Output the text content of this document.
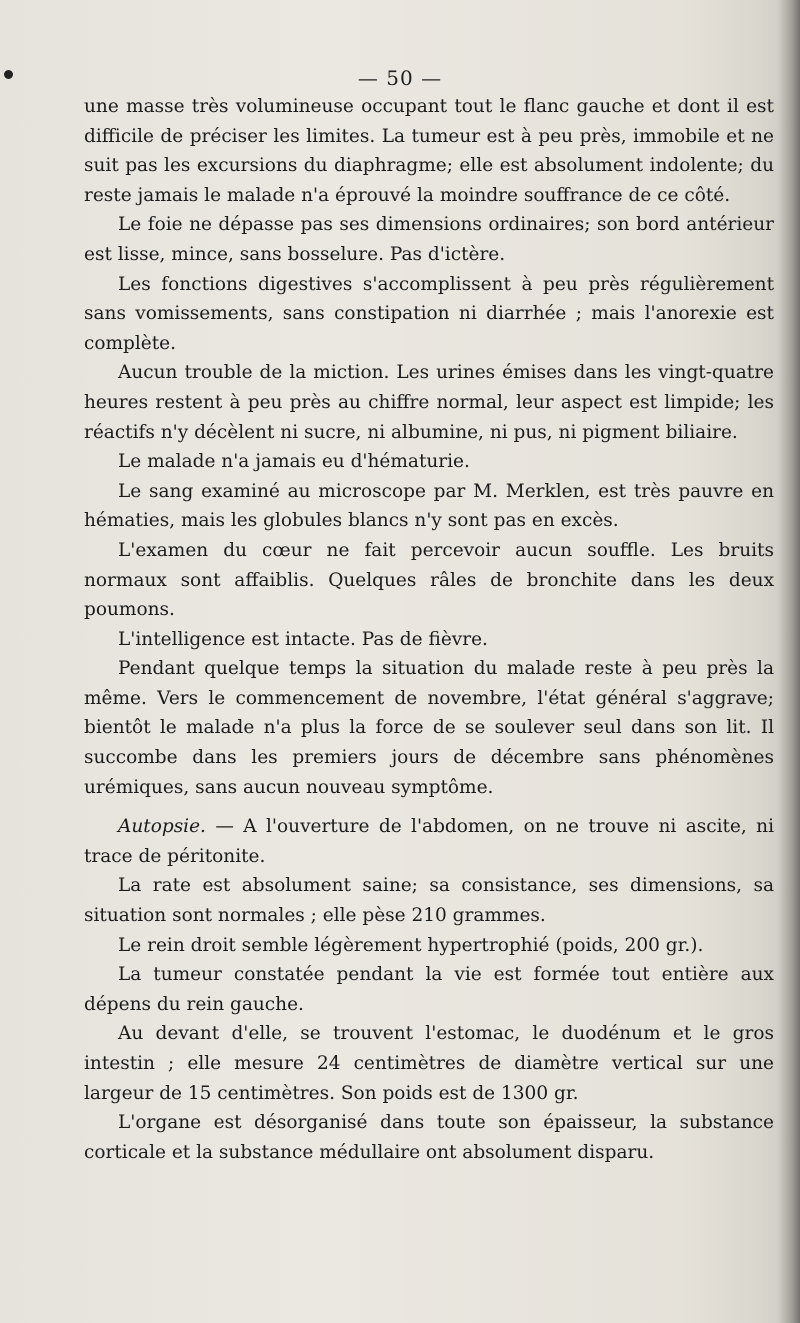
— 50 —

une masse très volumineuse occupant tout le flanc gauche et dont il est difficile de préciser les limites. La tumeur est à peu près, immobile et ne suit pas les excursions du diaphragme; elle est absolument indolente; du reste jamais le malade n'a éprouvé la moindre souffrance de ce côté.

Le foie ne dépasse pas ses dimensions ordinaires; son bord antérieur est lisse, mince, sans bosselure. Pas d'ictère.

Les fonctions digestives s'accomplissent à peu près régulièrement sans vomissements, sans constipation ni diarrhée ; mais l'anorexie est complète.

Aucun trouble de la miction. Les urines émises dans les vingt-quatre heures restent à peu près au chiffre normal, leur aspect est limpide; les réactifs n'y décèlent ni sucre, ni albumine, ni pus, ni pigment biliaire.

Le malade n'a jamais eu d'hématurie.

Le sang examiné au microscope par M. Merklen, est très pauvre en hématies, mais les globules blancs n'y sont pas en excès.

L'examen du cœur ne fait percevoir aucun souffle. Les bruits normaux sont affaiblis. Quelques râles de bronchite dans les deux poumons.

L'intelligence est intacte. Pas de fièvre.

Pendant quelque temps la situation du malade reste à peu près la même. Vers le commencement de novembre, l'état général s'aggrave; bientôt le malade n'a plus la force de se soulever seul dans son lit. Il succombe dans les premiers jours de décembre sans phénomènes urémiques, sans aucun nouveau symptôme.

Autopsie. — A l'ouverture de l'abdomen, on ne trouve ni ascite, ni trace de péritonite.

La rate est absolument saine; sa consistance, ses dimensions, sa situation sont normales ; elle pèse 210 grammes.

Le rein droit semble légèrement hypertrophié (poids, 200 gr.).

La tumeur constatée pendant la vie est formée tout entière aux dépens du rein gauche.

Au devant d'elle, se trouvent l'estomac, le duodénum et le gros intestin ; elle mesure 24 centimètres de diamètre vertical sur une largeur de 15 centimètres. Son poids est de 1300 gr.

L'organe est désorganisé dans toute son épaisseur, la substance corticale et la substance médullaire ont absolument disparu.
